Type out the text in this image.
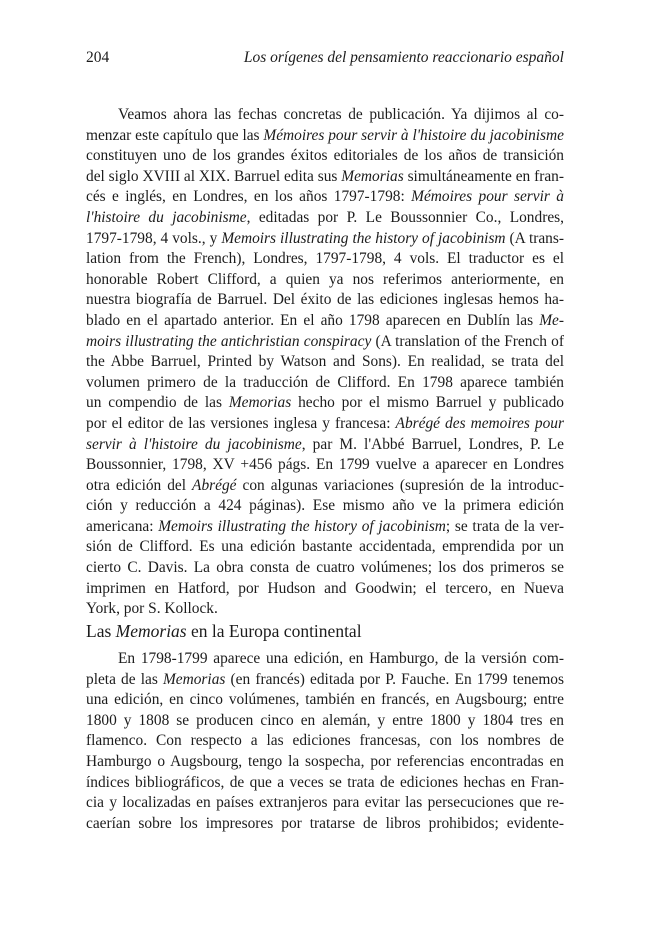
204	Los orígenes del pensamiento reaccionario español
Veamos ahora las fechas concretas de publicación. Ya dijimos al co-
menzar este capítulo que las Mémoires pour servir à l'histoire du jacobinisme
constituyen uno de los grandes éxitos editoriales de los años de transición
del siglo XVIII al XIX. Barruel edita sus Memorias simultáneamente en fran-
cés e inglés, en Londres, en los años 1797-1798: Mémoires pour servir à
l'histoire du jacobinisme, editadas por P. Le Boussonnier Co., Londres,
1797-1798, 4 vols., y Memoirs illustrating the history of jacobinism (A trans-
lation from the French), Londres, 1797-1798, 4 vols. El traductor es el
honorable Robert Clifford, a quien ya nos referimos anteriormente, en
nuestra biografía de Barruel. Del éxito de las ediciones inglesas hemos ha-
blado en el apartado anterior. En el año 1798 aparecen en Dublín las Me-
moirs illustrating the antichristian conspiracy (A translation of the French of
the Abbe Barruel, Printed by Watson and Sons). En realidad, se trata del
volumen primero de la traducción de Clifford. En 1798 aparece también
un compendio de las Memorias hecho por el mismo Barruel y publicado
por el editor de las versiones inglesa y francesa: Abrégé des memoires pour
servir à l'histoire du jacobinisme, par M. l'Abbé Barruel, Londres, P. Le
Boussonnier, 1798, XV +456 págs. En 1799 vuelve a aparecer en Londres
otra edición del Abrégé con algunas variaciones (supresión de la introduc-
ción y reducción a 424 páginas). Ese mismo año ve la primera edición
americana: Memoirs illustrating the history of jacobinism; se trata de la ver-
sión de Clifford. Es una edición bastante accidentada, emprendida por un
cierto C. Davis. La obra consta de cuatro volúmenes; los dos primeros se
imprimen en Hatford, por Hudson and Goodwin; el tercero, en Nueva
York, por S. Kollock.
Las Memorias en la Europa continental
En 1798-1799 aparece una edición, en Hamburgo, de la versión com-
pleta de las Memorias (en francés) editada por P. Fauche. En 1799 tenemos
una edición, en cinco volúmenes, también en francés, en Augsbourg; entre
1800 y 1808 se producen cinco en alemán, y entre 1800 y 1804 tres en
flamenco. Con respecto a las ediciones francesas, con los nombres de
Hamburgo o Augsbourg, tengo la sospecha, por referencias encontradas en
índices bibliográficos, de que a veces se trata de ediciones hechas en Fran-
cia y localizadas en países extranjeros para evitar las persecuciones que re-
caerían sobre los impresores por tratarse de libros prohibidos; evidente-
